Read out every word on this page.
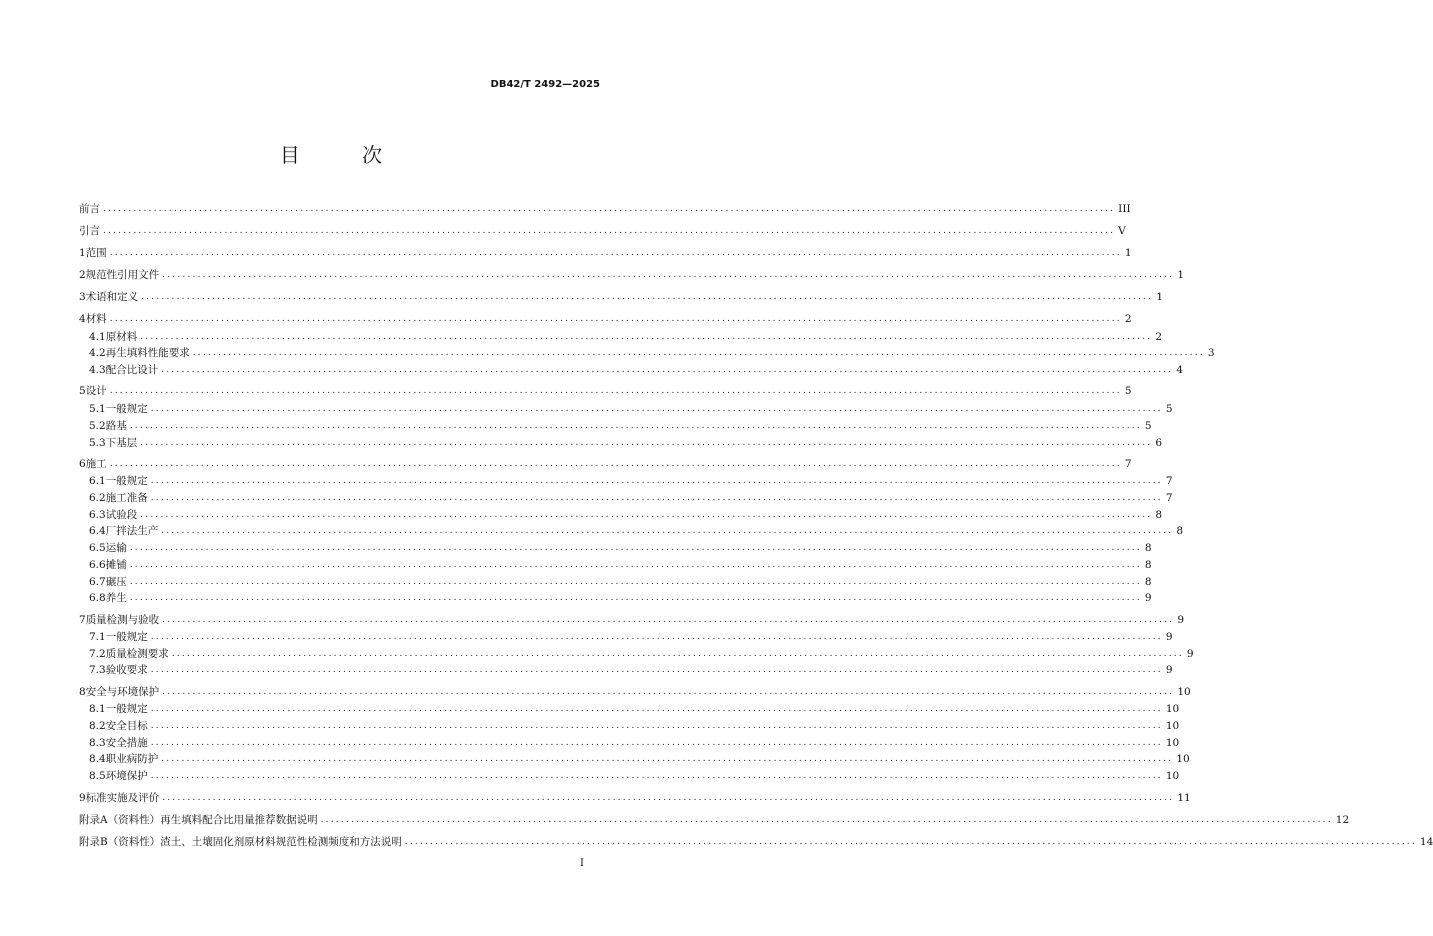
DB42/T 2492—2025
目 次
前言 ........................................................................................................................................................................................................ III
引言 ........................................................................................................................................................................................................ V
1 范围 ........................................................................................................................................................................................................ 1
2 规范性引用文件 ........................................................................................................................................................................................................ 1
3 术语和定义 ........................................................................................................................................................................................................ 1
4 材料 ........................................................................................................................................................................................................ 2
4.1 原材料 ........................................................................................................................................................................................................ 2
4.2 再生填料性能要求 ........................................................................................................................................................................................................ 3
4.3 配合比设计 ........................................................................................................................................................................................................ 4
5 设计 ........................................................................................................................................................................................................ 5
5.1 一般规定 ........................................................................................................................................................................................................ 5
5.2 路基 ........................................................................................................................................................................................................ 5
5.3 下基层 ........................................................................................................................................................................................................ 6
6 施工 ........................................................................................................................................................................................................ 7
6.1 一般规定 ........................................................................................................................................................................................................ 7
6.2 施工准备 ........................................................................................................................................................................................................ 7
6.3 试验段 ........................................................................................................................................................................................................ 8
6.4 厂拌法生产 ........................................................................................................................................................................................................ 8
6.5 运输 ........................................................................................................................................................................................................ 8
6.6 摊铺 ........................................................................................................................................................................................................ 8
6.7 碾压 ........................................................................................................................................................................................................ 8
6.8 养生 ........................................................................................................................................................................................................ 9
7 质量检测与验收 ........................................................................................................................................................................................................ 9
7.1 一般规定 ........................................................................................................................................................................................................ 9
7.2 质量检测要求 ........................................................................................................................................................................................................ 9
7.3 验收要求 ........................................................................................................................................................................................................ 9
8 安全与环境保护 ........................................................................................................................................................................................................ 10
8.1 一般规定 ........................................................................................................................................................................................................ 10
8.2 安全目标 ........................................................................................................................................................................................................ 10
8.3 安全措施 ........................................................................................................................................................................................................ 10
8.4 职业病防护 ........................................................................................................................................................................................................ 10
8.5 环境保护 ........................................................................................................................................................................................................ 10
9 标准实施及评价 ........................................................................................................................................................................................................ 11
附录A（资料性） 再生填料配合比用量推荐数据说明 ........................................................................................................................................................................................................ 12
附录B（资料性） 渣土、土壤固化剂原材料规范性检测频度和方法说明 ........................................................................................................................................................................................................ 14
I
